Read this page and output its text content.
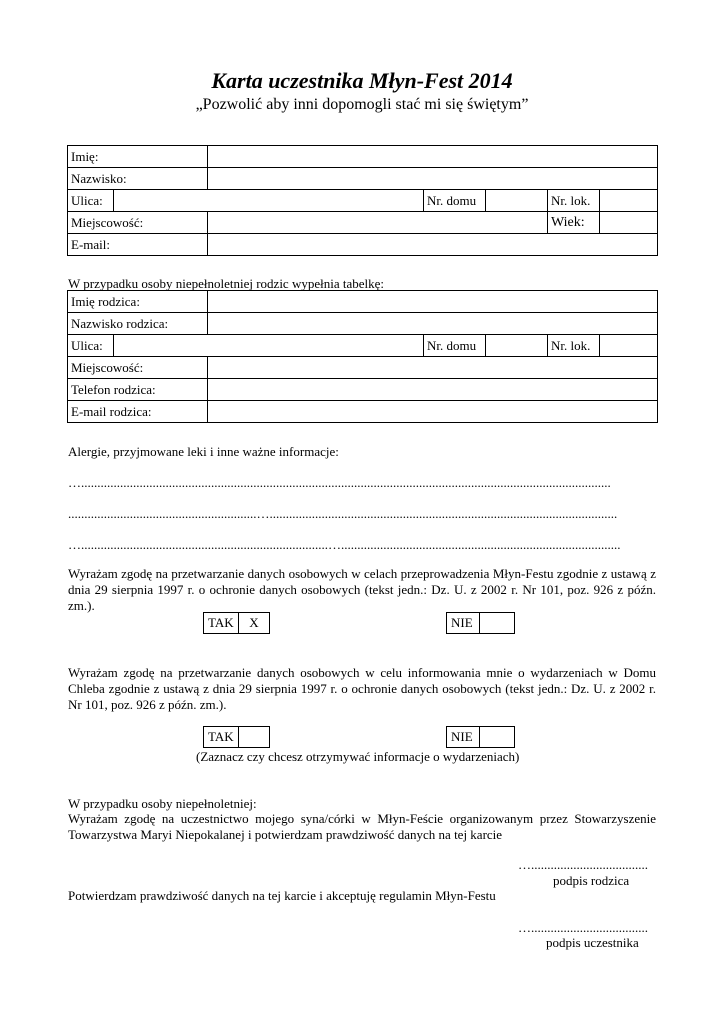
Karta uczestnika Młyn-Fest 2014
„Pozwolić aby inni dopomogli stać mi się świętym”
Imię:						
Nazwisko:						
Ulica:			Nr. domu		Nr. lok.	
Miejscowość:					Wiek:	
E-mail:						
W przypadku osoby niepełnoletniej rodzic wypełnia tabelkę:
Imię rodzica:						
Nazwisko rodzica:						
Ulica:			Nr. domu		Nr. lok.	
Miejscowość:						
Telefon rodzica:						
E-mail rodzica:						
Alergie, przyjmowane leki i inne ważne informacje:
…...................................................................................................................................................................
..........................................................…...........................................................................................................
…............................................................................…......................................................................................
Wyrażam zgodę na przetwarzanie danych osobowych w celach przeprowadzenia Młyn-Festu zgodnie z ustawą z dnia 29 sierpnia 1997 r. o ochronie danych osobowych (tekst jedn.: Dz. U. z 2002 r. Nr 101, poz. 926 z późn. zm.).
TAK	X	NIE	
Wyrażam zgodę na przetwarzanie danych osobowych w celu informowania mnie o wydarzeniach w Domu Chleba zgodnie z ustawą z dnia 29 sierpnia 1997 r. o ochronie danych osobowych (tekst jedn.: Dz. U. z 2002 r. Nr 101, poz. 926 z późn. zm.).
TAK		NIE	
(Zaznacz czy chcesz otrzymywać informacje o wydarzeniach)
W przypadku osoby niepełnoletniej:
Wyrażam zgodę na uczestnictwo mojego syna/córki w Młyn-Feście organizowanym przez Stowarzyszenie Towarzystwa Maryi Niepokalanej i potwierdzam prawdziwość danych na tej karcie
…....................................
podpis rodzica
Potwierdzam prawdziwość danych na tej karcie i akceptuję regulamin Młyn-Festu
…....................................
podpis uczestnika
